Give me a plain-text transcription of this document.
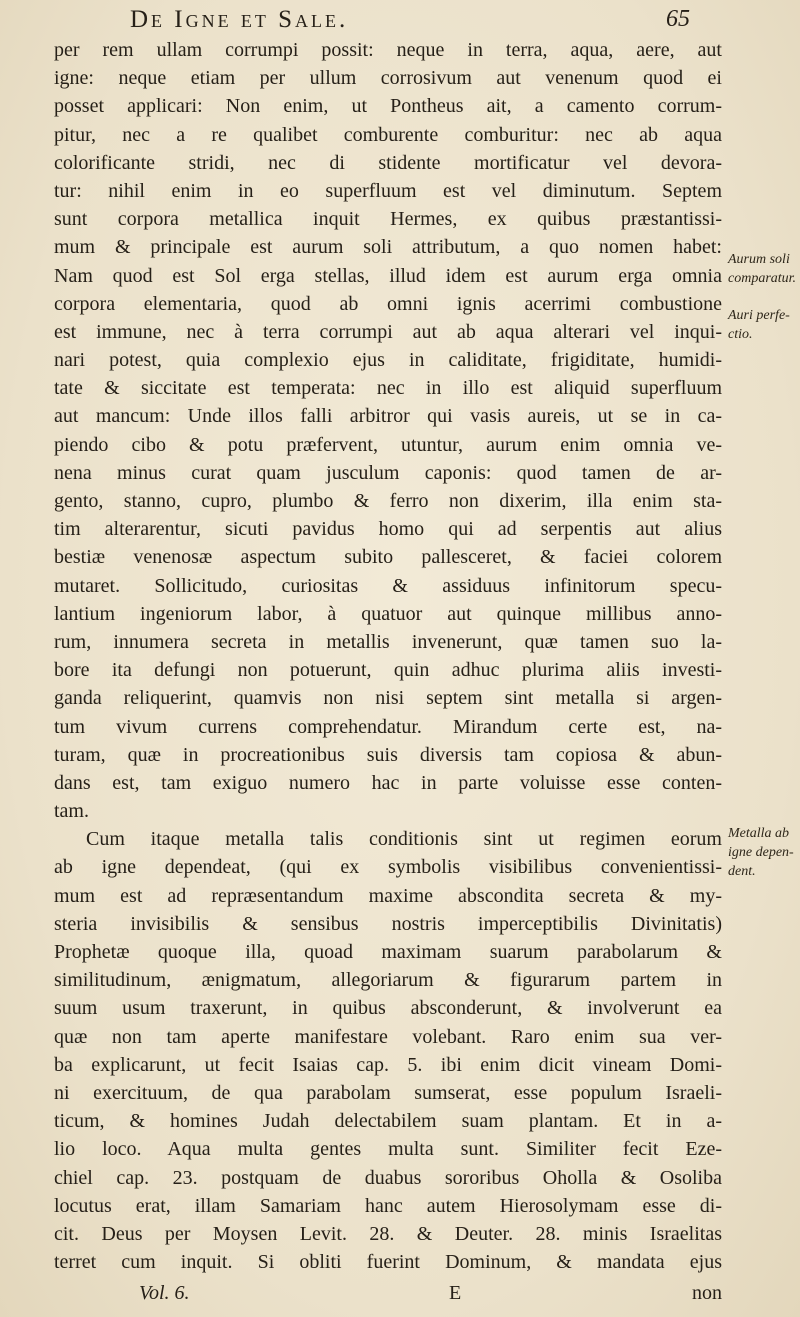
De Igne et Sale.	65
per rem ullam corrumpi possit: neque in terra, aqua, aere, aut
igne: neque etiam per ullum corrosivum aut venenum quod ei
posset applicari: Non enim, ut Pontheus ait, a camento corrum-
pitur, nec a re qualibet comburente comburitur: nec ab aqua
colorificante stridi, nec di stidente mortificatur vel devora-
tur: nihil enim in eo superfluum est vel diminutum. Septem
sunt corpora metallica inquit Hermes, ex quibus præstantissi-
mum & principale est aurum soli attributum, a quo nomen habet:
Nam quod est Sol erga stellas, illud idem est aurum erga omnia
corpora elementaria, quod ab omni ignis acerrimi combustione
est immune, nec à terra corrumpi aut ab aqua alterari vel inqui-
nari potest, quia complexio ejus in caliditate, frigiditate, humidi-
tate & siccitate est temperata: nec in illo est aliquid superfluum
aut mancum: Unde illos falli arbitror qui vasis aureis, ut se in ca-
piendo cibo & potu præfervent, utuntur, aurum enim omnia ve-
nena minus curat quam jusculum caponis: quod tamen de ar-
gento, stanno, cupro, plumbo & ferro non dixerim, illa enim sta-
tim alterarentur, sicuti pavidus homo qui ad serpentis aut alius
bestiæ venenosæ aspectum subito pallesceret, & faciei colorem
mutaret. Sollicitudo, curiositas & assiduus infinitorum specu-
lantium ingeniorum labor, à quatuor aut quinque millibus anno-
rum, innumera secreta in metallis invenerunt, quæ tamen suo la-
bore ita defungi non potuerunt, quin adhuc plurima aliis investi-
ganda reliquerint, quamvis non nisi septem sint metalla si argen-
tum vivum currens comprehendatur. Mirandum certe est, na-
turam, quæ in procreationibus suis diversis tam copiosa & abun-
dans est, tam exiguo numero hac in parte voluisse esse conten-
tam.
Cum itaque metalla talis conditionis sint ut regimen eorum
ab igne dependeat, (qui ex symbolis visibilibus convenientissi-
mum est ad repræsentandum maxime abscondita secreta & my-
steria invisibilis & sensibus nostris imperceptibilis Divinitatis)
Prophetæ quoque illa, quoad maximam suarum parabolarum &
similitudinum, ænigmatum, allegoriarum & figurarum partem in
suum usum traxerunt, in quibus absconderunt, & involverunt ea
quæ non tam aperte manifestare volebant. Raro enim sua ver-
ba explicarunt, ut fecit Isaias cap. 5. ibi enim dicit vineam Domi-
ni exercituum, de qua parabolam sumserat, esse populum Israeli-
ticum, & homines Judah delectabilem suam plantam. Et in a-
lio loco. Aqua multa gentes multa sunt. Similiter fecit Eze-
chiel cap. 23. postquam de duabus sororibus Oholla & Osoliba
locutus erat, illam Samariam hanc autem Hierosolymam esse di-
cit. Deus per Moysen Levit. 28. & Deuter. 28. minis Israelitas
terret cum inquit. Si obliti fuerint Dominum, & mandata ejus
Aurum soli
comparatur.
Auri perfe-
ctio.
Metalla ab
igne depen-
dent.
Vol. 6.	E	non
